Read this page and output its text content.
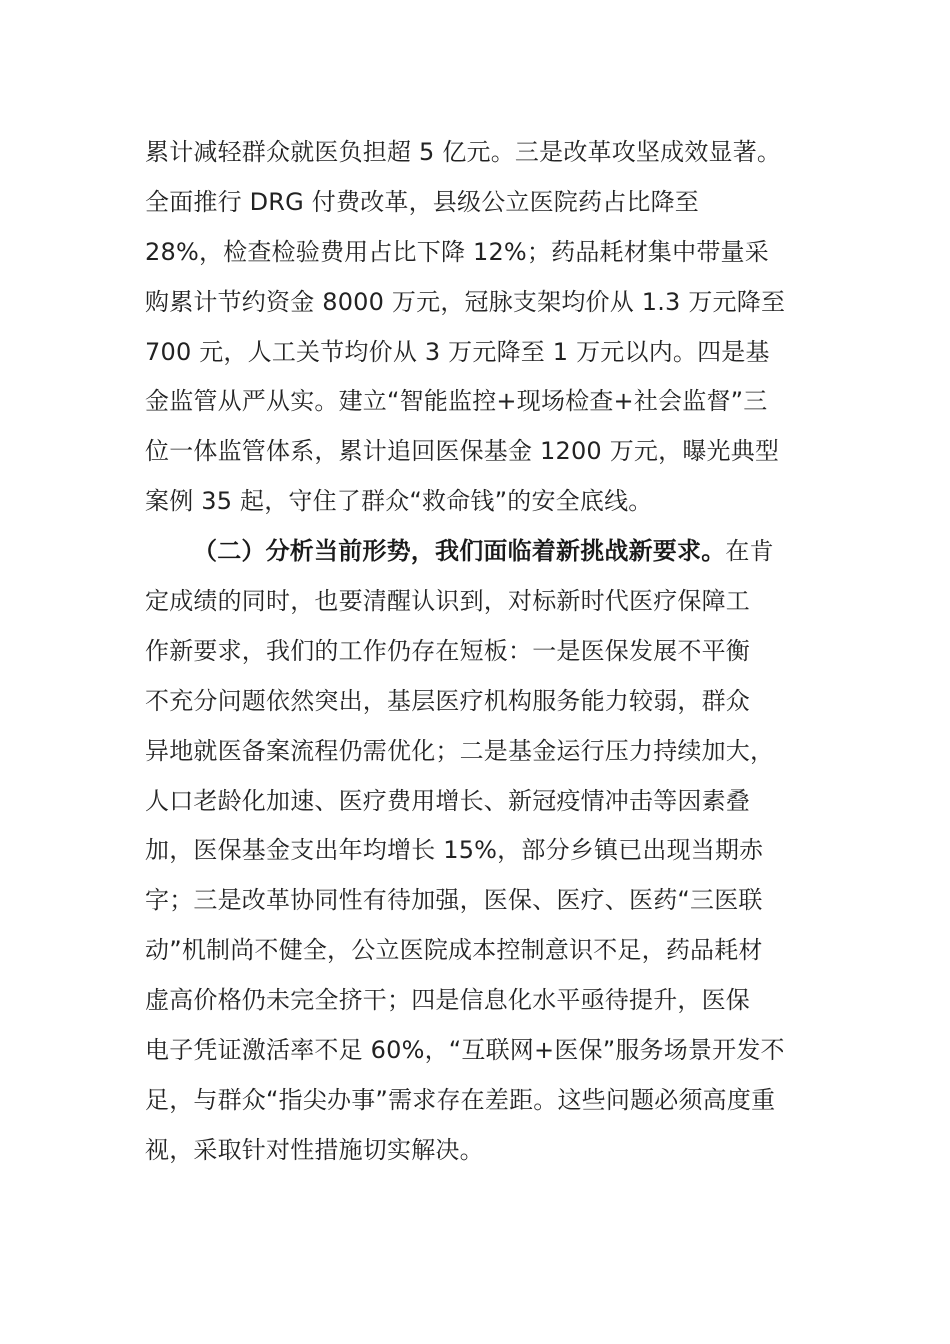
累计减轻群众就医负担超 5 亿元。三是改革攻坚成效显著。
全面推行 DRG 付费改革，县级公立医院药占比降至
28%，检查检验费用占比下降 12%；药品耗材集中带量采
购累计节约资金 8000 万元，冠脉支架均价从 1.3 万元降至
700 元，人工关节均价从 3 万元降至 1 万元以内。四是基
金监管从严从实。建立“智能监控+现场检查+社会监督”三
位一体监管体系，累计追回医保基金 1200 万元，曝光典型
案例 35 起，守住了群众“救命钱”的安全底线。
（二）分析当前形势，我们面临着新挑战新要求。在肯
定成绩的同时，也要清醒认识到，对标新时代医疗保障工
作新要求，我们的工作仍存在短板：一是医保发展不平衡
不充分问题依然突出，基层医疗机构服务能力较弱，群众
异地就医备案流程仍需优化；二是基金运行压力持续加大，
人口老龄化加速、医疗费用增长、新冠疫情冲击等因素叠
加，医保基金支出年均增长 15%，部分乡镇已出现当期赤
字；三是改革协同性有待加强，医保、医疗、医药“三医联
动”机制尚不健全，公立医院成本控制意识不足，药品耗材
虚高价格仍未完全挤干；四是信息化水平亟待提升，医保
电子凭证激活率不足 60%，“互联网+医保”服务场景开发不
足，与群众“指尖办事”需求存在差距。这些问题必须高度重
视，采取针对性措施切实解决。
